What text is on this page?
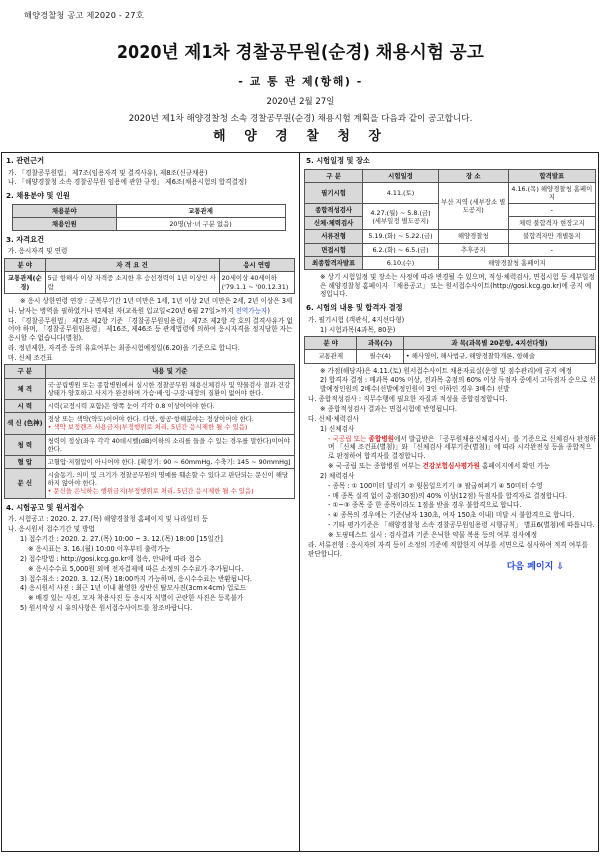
해양경찰청 공고 제2020 - 27호
2020년 제1차 경찰공무원(순경) 채용시험 공고
- 교 통 관 제(항해) -
2020년 2월 27일
2020년 제1차 해양경찰청 소속 경찰공무원(순경) 채용시험 계획을 다음과 같이 공고합니다.
해 양 경 찰 청 장
1. 관련근거
가. 「경찰공무원법」 제7조(임용자격 및 결격사유), 제8조(신규채용)
나. 「해양경찰청 소속 경찰공무원 임용에 관한 규정」 제6조(채용시험의 합격결정)
2. 채용분야 및 인원
채용분야	교통관제
채용인원	20명(남·녀 구분 없음)
3. 자격요건
가. 응시자격 및 연령
분 야	자 격 요 건	응시 연령
교통관제(순경)	5급 항해사 이상 자격증 소지한 후 승선경력이 1년 이상인 사람	20세이상 40세이하 ('79.1.1 ~ '00.12.31)
※ 응시 상한연령 연장 : 군복무기간 1년 미만은 1세, 1년 이상 2년 미만은 2세, 2년 이상은 3세
나. 남자는 병역을 필하였거나 면제된 자(교육원 입교일<20년 6월 27일>까지 전역가능자)
다. 「경찰공무원법」 제7조 제2항 기준 「경찰공무원임용령」 제7조 제2항 각 호의 결격사유가 없어야 하며, 「경찰공무원임용령」 제16조, 제46조 등 관계법령에 의하여 응시자격을 정지당한 자는 응시할 수 없습니다(별첨).
라. 정년제한, 자격증 등의 유효여부는 최종시험예정일(6.20)을 기준으로 합니다.
마. 신체 조건표
구 분	내용 및 기준
체 격	국·공립병원 또는 종합병원에서 실시한 경찰공무원 채용신체검사 및 약물검사 결과 건강상태가 양호하고 사지가 완전하며 가슴·배·입·구강·내장의 질환이 없어야 한다.
시 력	시력(교정시력 포함)은 양쪽 눈이 각각 0.8 이상이어야 한다.
색 신 (色神)	정상 또는 색약(약도)이어야 한다. 다만, 항공·항해분야는 정상이어야 한다.
• 색약 보정렌즈 사용금지(부정행위로 처리, 5년간 응시제한 될 수 있음)
청 력	청력이 정상(좌우 각각 40데시벨(dB)이하의 소리를 들을 수 있는 경우를 말한다)이어야 한다.
혈 압	고혈압·저혈압이 아니어야 한다. [확장기: 90 ~ 60mmHg, 수축기: 145 ~ 90mmHg]
문 신	시술동기, 의미 및 크기가 경찰공무원의 명예를 훼손할 수 있다고 판단되는 문신이 해당하지 않아야 한다.
• 문신을 은닉하는 행위금지(부정행위로 처리, 5년간 응시제한 될 수 있음)
4. 시험공고 및 원서접수
가. 시험공고 : 2020. 2. 27.(목) 해양경찰청 홈페이지 및 나라일터 등
나. 응시원서 접수기간 및 방법
1) 접수기간 : 2020. 2. 27.(목) 10:00 ~ 3. 12.(목) 18:00 [15일간]
※ 응시표는 3. 16.(월) 10:00 이후부터 출력가능
2) 접수방법 : http://gosi.kcg.go.kr에 접속, 안내에 따라 접수
※ 응시수수료 5,000원 외에 전자결제에 따른 소정의 수수료가 추가됩니다.
3) 접수취소 : 2020. 3. 12.(목) 18:00까지 가능하며, 응시수수료는 반환됩니다.
4) 응시원서 사진 : 최근 1년 이내 촬영한 상반신 탈모사진(3cm×4cm) 업로드
※ 배경 있는 사진, 모자 착용사진 등 응시자 식별이 곤란한 사진은 등록불가
5) 원서작성 시 유의사항은 원서접수사이트를 참조바랍니다.
5. 시험일정 및 장소
구 분	시험일정	장 소	합격발표
필기시험	4.11.(토)	부산 지역 (세부장소 별도공지)	4.16.(목) 해양경찰청 홈페이지
종합적성검사	4.27.(월) ~ 5.8.(금) (세부일정 별도공지)		-
신체·체력검사			체력 불합격자 현장고지
서류전형	5.19.(화) ~ 5.22.(금)	해양경찰청	불합격자만 개별통지
면접시험	6.2.(화) ~ 6.5.(금)	추후공지	-
최종합격자발표	6.10.(수)	해양경찰청 홈페이지	
※ 상기 시험일정 및 장소는 사정에 따라 변경될 수 있으며, 적성·체력검사, 면접시험 등 세부일정은 해양경찰청 홈페이지 「채용공고」 또는 원서접수사이트(http://gosi.kcg.go.kr)에 공지 예정입니다.
6. 시험의 내용 및 합격자 결정
가. 필기시험 (객관식, 4지선다형)
1) 시험과목(4과목, 80문)
분 야	과목(수)	과 목(과목별 20문항, 4지선다형)
교통관제	필수(4)	• 해사영어, 해사법규, 해양경찰학개론, 항해술
※ 가점(해당자)은 4.11.(토) 원서접수사이트 채용자료실(운영 및 점수관리)에 공지 예정
2) 합격자 결정 : 매과목 40% 이상, 전과목 총점의 60% 이상 득점자 중에서 고득점자 순으로 선발예정인원의 2배수(선발예정인원이 3인 이하인 경우 3배수) 선발
나. 종합적성검사 : 직무수행에 필요한 자질과 적성을 종합검정합니다.
※ 종합적성검사 결과는 면접시험에 반영됩니다.
다. 신체·체력검사
1) 신체검사
- 국공립 또는 종합병원에서 발급받은 「공무원채용신체검사서」를 기준으로 신체검사 판정하며 「신체 조건표(별첨)」와 「신체검사 세부기준(별첨)」에 따라 시각완전성 등을 종합적으로 판정하여 합격자를 결정합니다.
※ 국·공립 또는 종합병원 여부는 건강보험심사평가원 홈페이지에서 확인 가능
2) 체력검사
- 종목 : ① 100미터 달리기 ② 윗몸일으키기 ③ 팔굽혀펴기 ④ 50미터 수영
- 매 종목 실격 없이 총점(30점)의 40% 이상(12점) 득점자를 합격자로 결정합니다.
- ①~③ 종목 중 한 종목이라도 1점을 받을 경우 불합격으로 합니다.
- ④ 종목의 경우에는 기준(남자 130초, 여자 150초 이내) 미달 시 불합격으로 합니다.
- 기타 평가기준은 「해양경찰청 소속 경찰공무원임용령 시행규칙」 별표6(별첨)에 따릅니다.
※ 도핑테스트 실시 : 검사결과 기준 은닉한 약물 복용 등의 여부 검사예정
라. 서류전형 : 응시자의 자격 등이 소정의 기준에 적합한지 여부를 서면으로 심사하여 적격 여부를 판단합니다.
다음 페이지 ⇩
